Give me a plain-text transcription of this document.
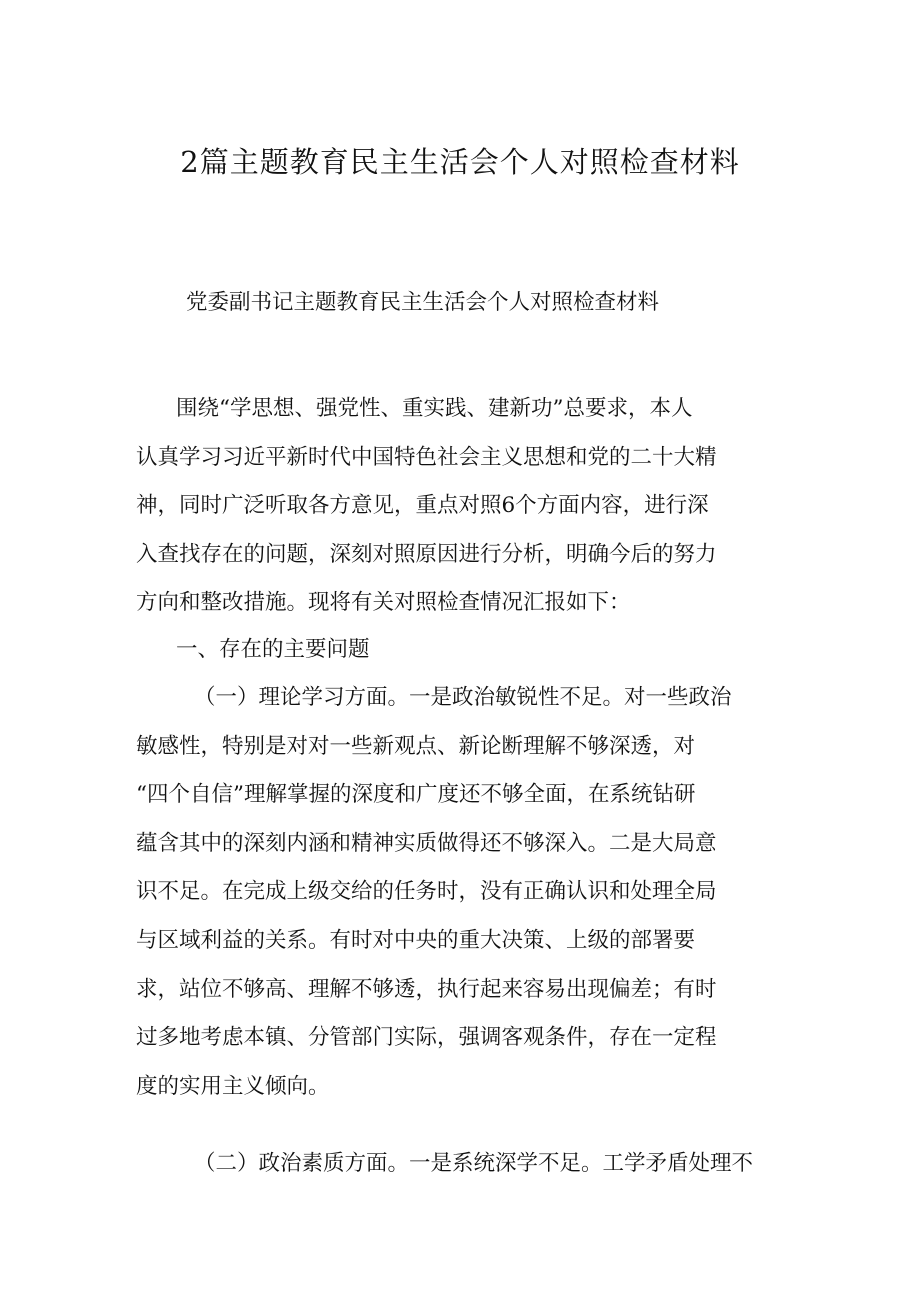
2篇主题教育民主生活会个人对照检查材料
党委副书记主题教育民主生活会个人对照检查材料
围绕“学思想、强党性、重实践、建新功”总要求，本人
认真学习习近平新时代中国特色社会主义思想和党的二十大精
神，同时广泛听取各方意见，重点对照6个方面内容，进行深
入查找存在的问题，深刻对照原因进行分析，明确今后的努力
方向和整改措施。现将有关对照检查情况汇报如下：
一、存在的主要问题
（一）理论学习方面。一是政治敏锐性不足。对一些政治
敏感性，特别是对对一些新观点、新论断理解不够深透，对
“四个自信”理解掌握的深度和广度还不够全面，在系统钻研
蕴含其中的深刻内涵和精神实质做得还不够深入。二是大局意
识不足。在完成上级交给的任务时，没有正确认识和处理全局
与区域利益的关系。有时对中央的重大决策、上级的部署要
求，站位不够高、理解不够透，执行起来容易出现偏差；有时
过多地考虑本镇、分管部门实际，强调客观条件，存在一定程
度的实用主义倾向。
（二）政治素质方面。一是系统深学不足。工学矛盾处理不
